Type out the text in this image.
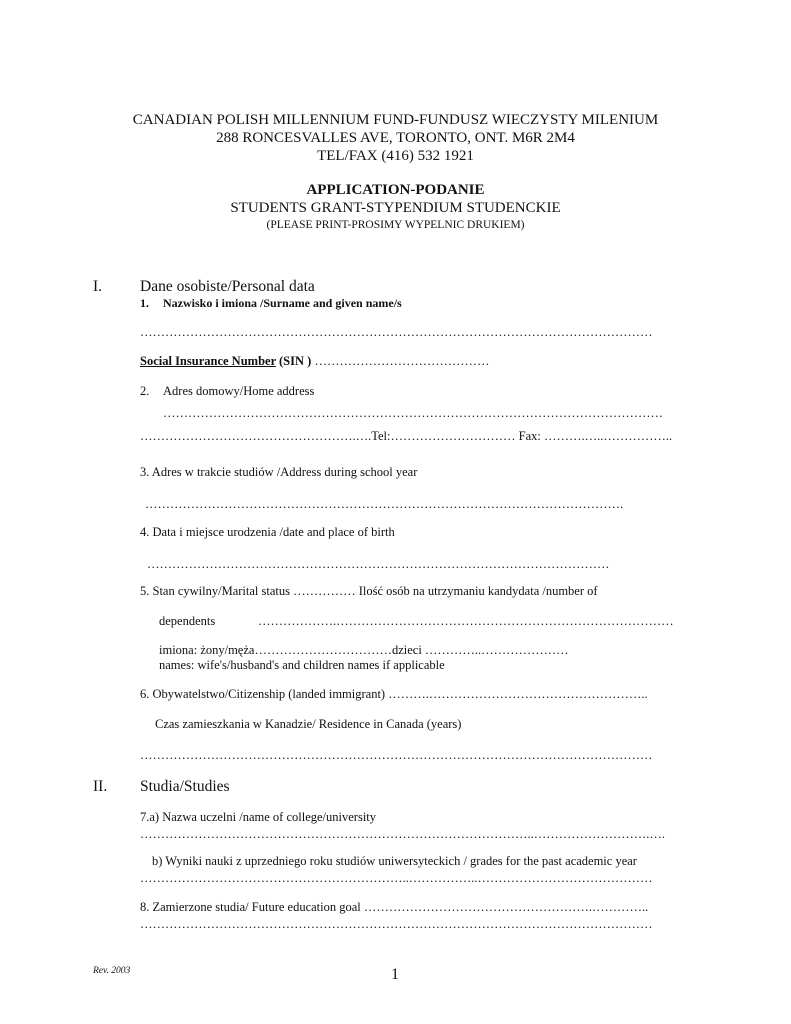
CANADIAN POLISH MILLENNIUM FUND-FUNDUSZ WIECZYSTY MILENIUM
288 RONCESVALLES AVE, TORONTO, ONT. M6R 2M4
TEL/FAX (416) 532 1921
APPLICATION-PODANIE
STUDENTS GRANT-STYPENDIUM STUDENCKIE
(PLEASE PRINT-PROSIMY WYPELNIC DRUKIEM)
I. Dane osobiste/Personal data
1. Nazwisko i imiona /Surname and given name/s
……………………………………………………………………………………………………………
Social Insurance Number (SIN ) ……………………………………
2. Adres domowy/Home address
…………………………………………………………………………………………………………
…………………………………………….….Tel:………………………… Fax: ……….…..……………..
3. Adres w trakcie studiów /Address during school year
…………………………………………………………………………………………………….
4. Data i miejsce urodzenia /date and place of birth
…………………………………………………………………………………………………
5. Stan cywilny/Marital status …………… Ilość osób na utrzymaniu kandydata /number of
dependents	……………….………………………………………………………………………
imiona: żony/męża……………………………dzieci …………..…………………
names: wife's/husband's and children names if applicable
6. Obywatelstwo/Citizenship (landed immigrant) ……….……………………………………………..
Czas zamieszkania w Kanadzie/ Residence in Canada (years)
……………………………………………………………………………………………………………
II. Studia/Studies
7.a) Nazwa uczelni /name of college/university
…………………………………………………………………………………..……………………….….
b) Wyniki nauki z uprzedniego roku studiów uniwersyteckich / grades for the past academic year
………………………………………………………..……………..……………………………………
8. Zamierzone studia/ Future education goal ……………………………………………….…………..
……………………………………………………………………………………………………………
Rev. 2003	1
